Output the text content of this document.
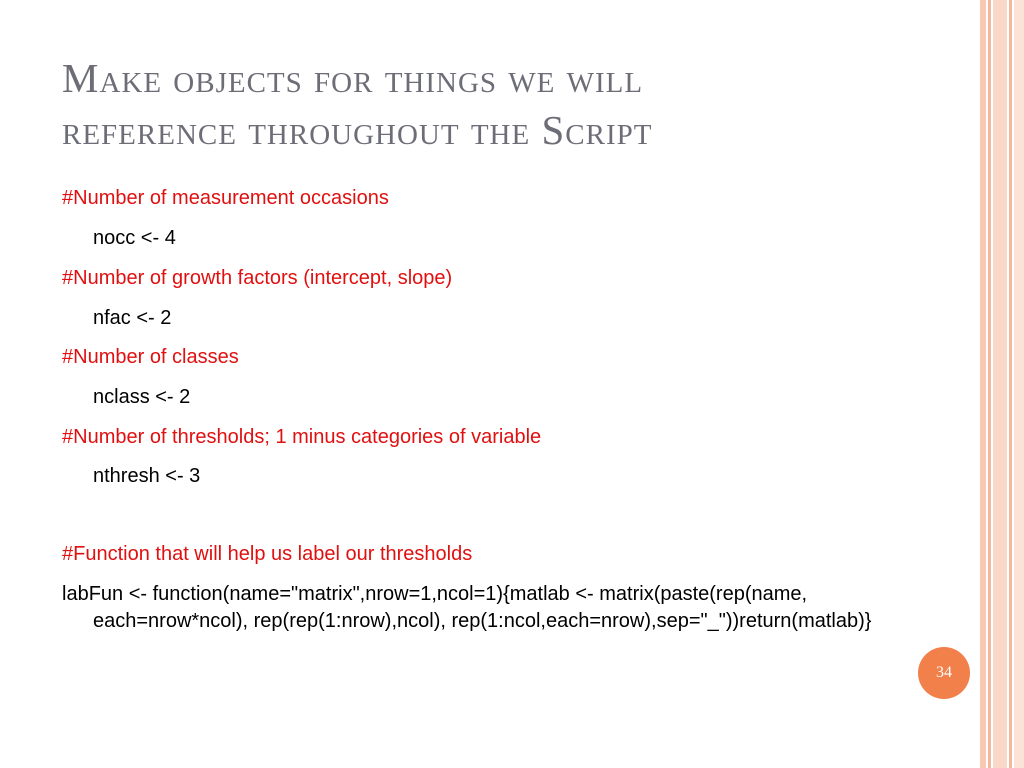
Make objects for things we will
reference throughout the Script
#Number of measurement occasions
nocc <- 4
#Number of growth factors (intercept, slope)
nfac <- 2
#Number of classes
nclass <- 2
#Number of thresholds; 1 minus categories of variable
nthresh <- 3
#Function that will help us label our thresholds
labFun <- function(name="matrix",nrow=1,ncol=1){matlab <- matrix(paste(rep(name, each=nrow*ncol), rep(rep(1:nrow),ncol), rep(1:ncol,each=nrow),sep="_"))return(matlab)}
34
